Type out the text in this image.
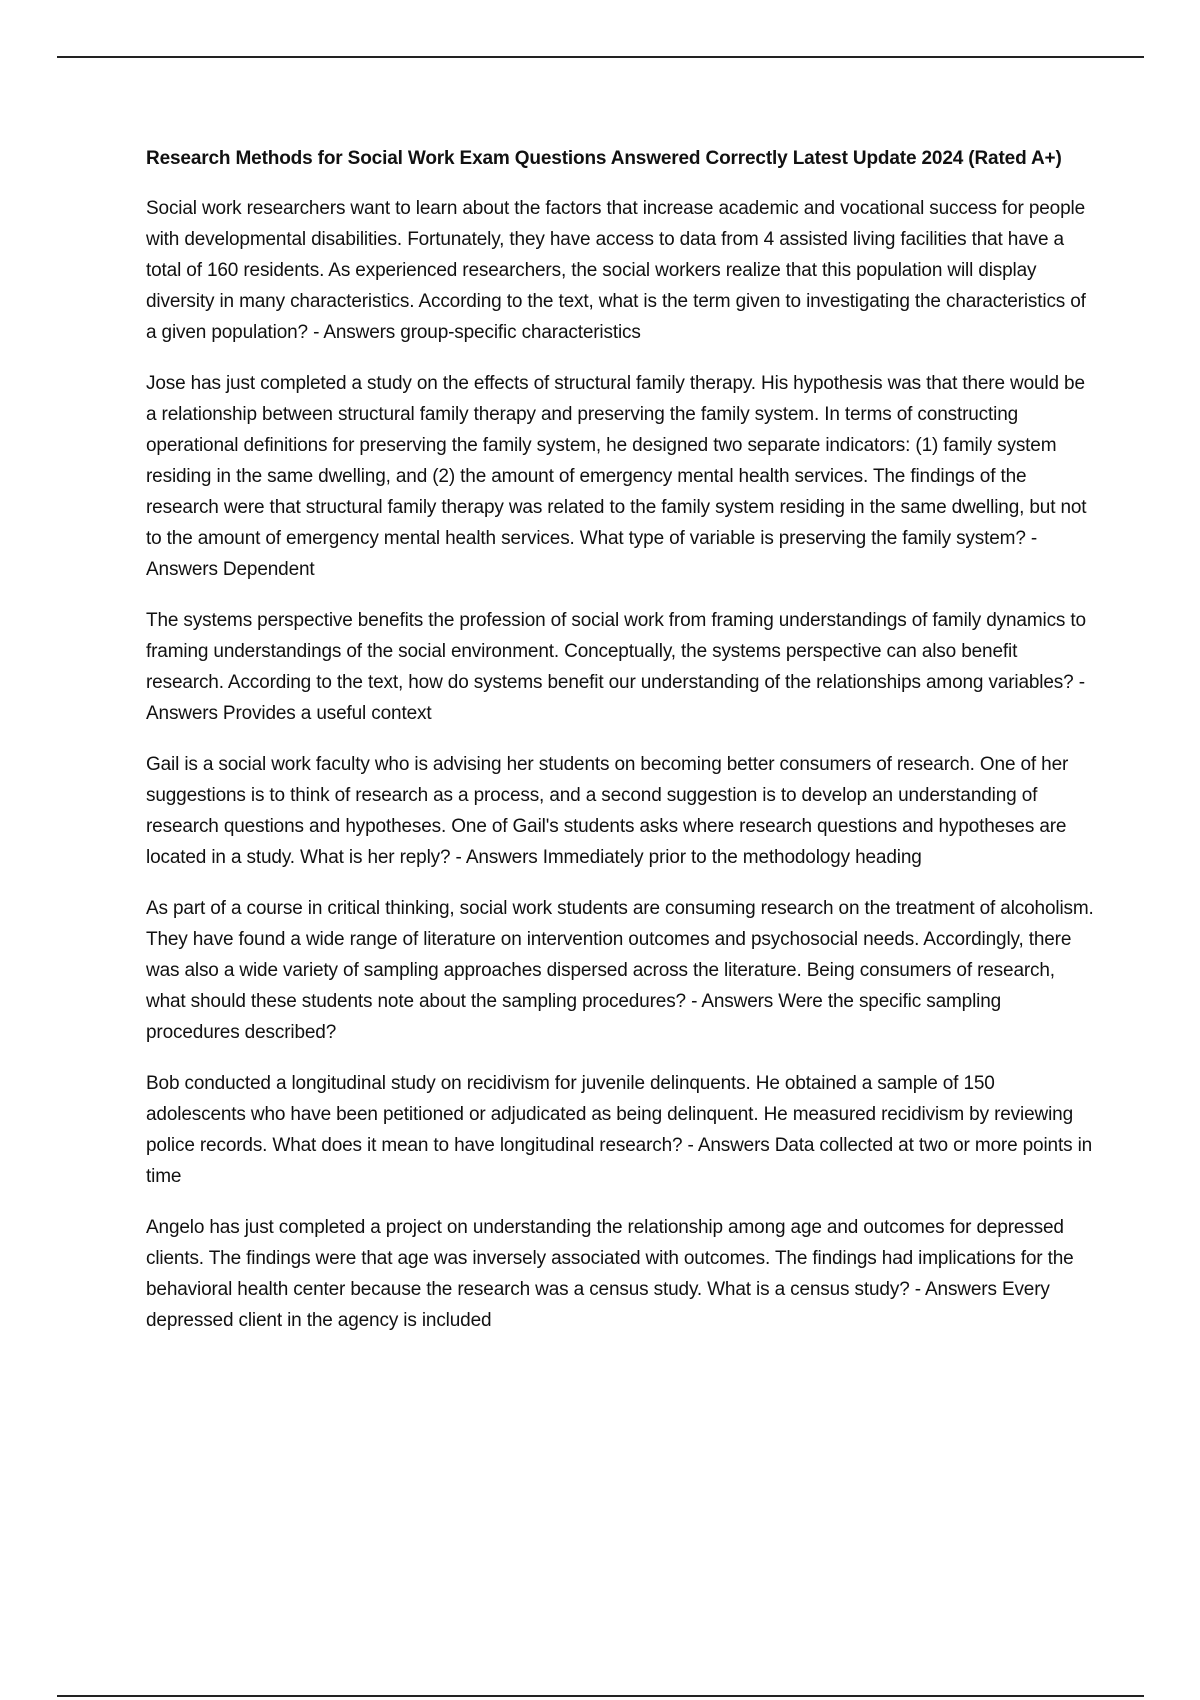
Research Methods for Social Work Exam Questions Answered Correctly Latest Update 2024 (Rated A+)

Social work researchers want to learn about the factors that increase academic and vocational success for people with developmental disabilities. Fortunately, they have access to data from 4 assisted living facilities that have a total of 160 residents. As experienced researchers, the social workers realize that this population will display diversity in many characteristics. According to the text, what is the term given to investigating the characteristics of a given population? - Answers group-specific characteristics

Jose has just completed a study on the effects of structural family therapy. His hypothesis was that there would be a relationship between structural family therapy and preserving the family system. In terms of constructing operational definitions for preserving the family system, he designed two separate indicators: (1) family system residing in the same dwelling, and (2) the amount of emergency mental health services. The findings of the research were that structural family therapy was related to the family system residing in the same dwelling, but not to the amount of emergency mental health services. What type of variable is preserving the family system? - Answers Dependent

The systems perspective benefits the profession of social work from framing understandings of family dynamics to framing understandings of the social environment. Conceptually, the systems perspective can also benefit research. According to the text, how do systems benefit our understanding of the relationships among variables? - Answers Provides a useful context

Gail is a social work faculty who is advising her students on becoming better consumers of research. One of her suggestions is to think of research as a process, and a second suggestion is to develop an understanding of research questions and hypotheses. One of Gail's students asks where research questions and hypotheses are located in a study. What is her reply? - Answers Immediately prior to the methodology heading

As part of a course in critical thinking, social work students are consuming research on the treatment of alcoholism. They have found a wide range of literature on intervention outcomes and psychosocial needs. Accordingly, there was also a wide variety of sampling approaches dispersed across the literature. Being consumers of research, what should these students note about the sampling procedures? - Answers Were the specific sampling procedures described?

Bob conducted a longitudinal study on recidivism for juvenile delinquents. He obtained a sample of 150 adolescents who have been petitioned or adjudicated as being delinquent. He measured recidivism by reviewing police records. What does it mean to have longitudinal research? - Answers Data collected at two or more points in time

Angelo has just completed a project on understanding the relationship among age and outcomes for depressed clients. The findings were that age was inversely associated with outcomes. The findings had implications for the behavioral health center because the research was a census study. What is a census study? - Answers Every depressed client in the agency is included
